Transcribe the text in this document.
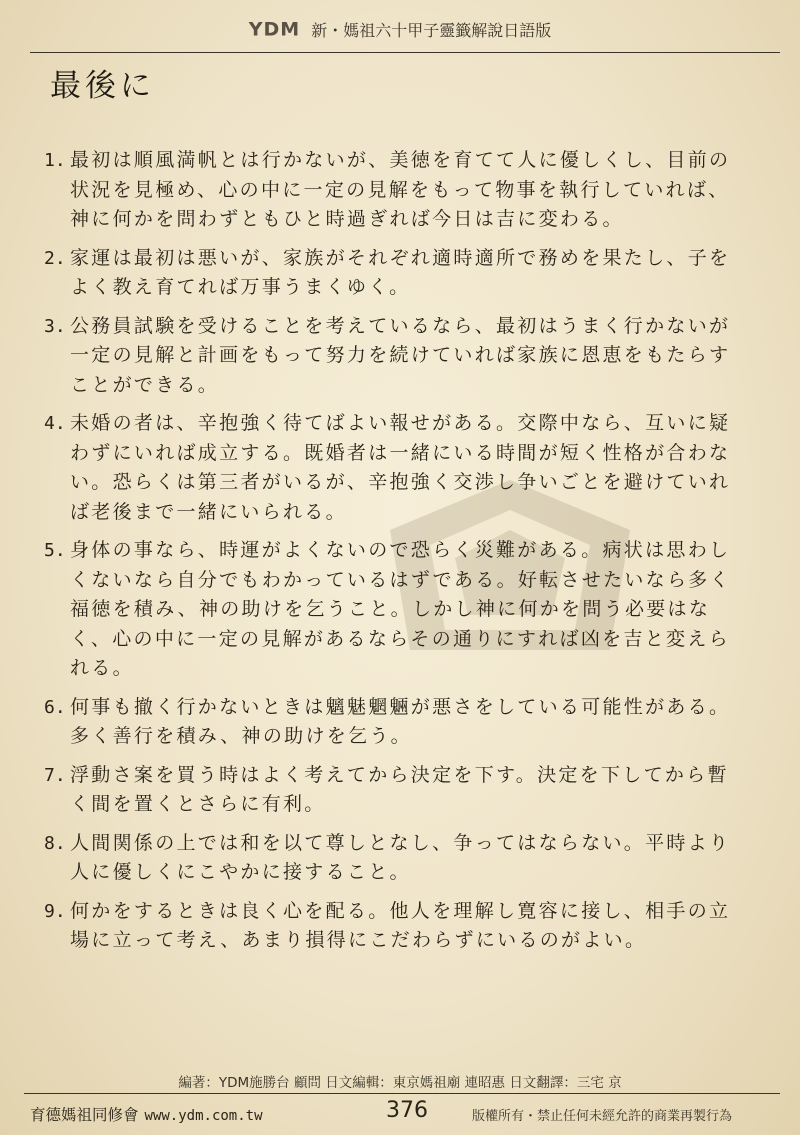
YDM 新・媽祖六十甲子靈籤解說日語版
最後に
1. 最初は順風満帆とは行かないが、美徳を育てて人に優しくし、目前の状況を見極め、心の中に一定の見解をもって物事を執行していれば、神に何かを問わずともひと時過ぎれば今日は吉に変わる。
2. 家運は最初は悪いが、家族がそれぞれ適時適所で務めを果たし、子をよく教え育てれば万事うまくゆく。
3. 公務員試験を受けることを考えているなら、最初はうまく行かないが一定の見解と計画をもって努力を続けていれば家族に恩恵をもたらすことができる。
4. 未婚の者は、辛抱強く待てばよい報せがある。交際中なら、互いに疑わずにいれば成立する。既婚者は一緒にいる時間が短く性格が合わない。恐らくは第三者がいるが、辛抱強く交渉し争いごとを避けていれば老後まで一緒にいられる。
5. 身体の事なら、時運がよくないので恐らく災難がある。病状は思わしくないなら自分でもわかっているはずである。好転させたいなら多く福徳を積み、神の助けを乞うこと。しかし神に何かを問う必要はなく、心の中に一定の見解があるならその通りにすれば凶を吉と変えられる。
6. 何事も撤く行かないときは魑魅魍魎が悪さをしている可能性がある。多く善行を積み、神の助けを乞う。
7. 浮動さ案を買う時はよく考えてから決定を下す。決定を下してから暫く間を置くとさらに有利。
8. 人間関係の上では和を以て尊しとなし、争ってはならない。平時より人に優しくにこやかに接すること。
9. 何かをするときは良く心を配る。他人を理解し寛容に接し、相手の立場に立って考え、あまり損得にこだわらずにいるのがよい。
編著：YDM施勝台 顧問 日文編輯：東京媽祖廟 連昭惠 日文翻譯：三宅 京
育德媽祖同修會 www.ydm.com.tw	376	版權所有・禁止任何未經允許的商業再製行為
